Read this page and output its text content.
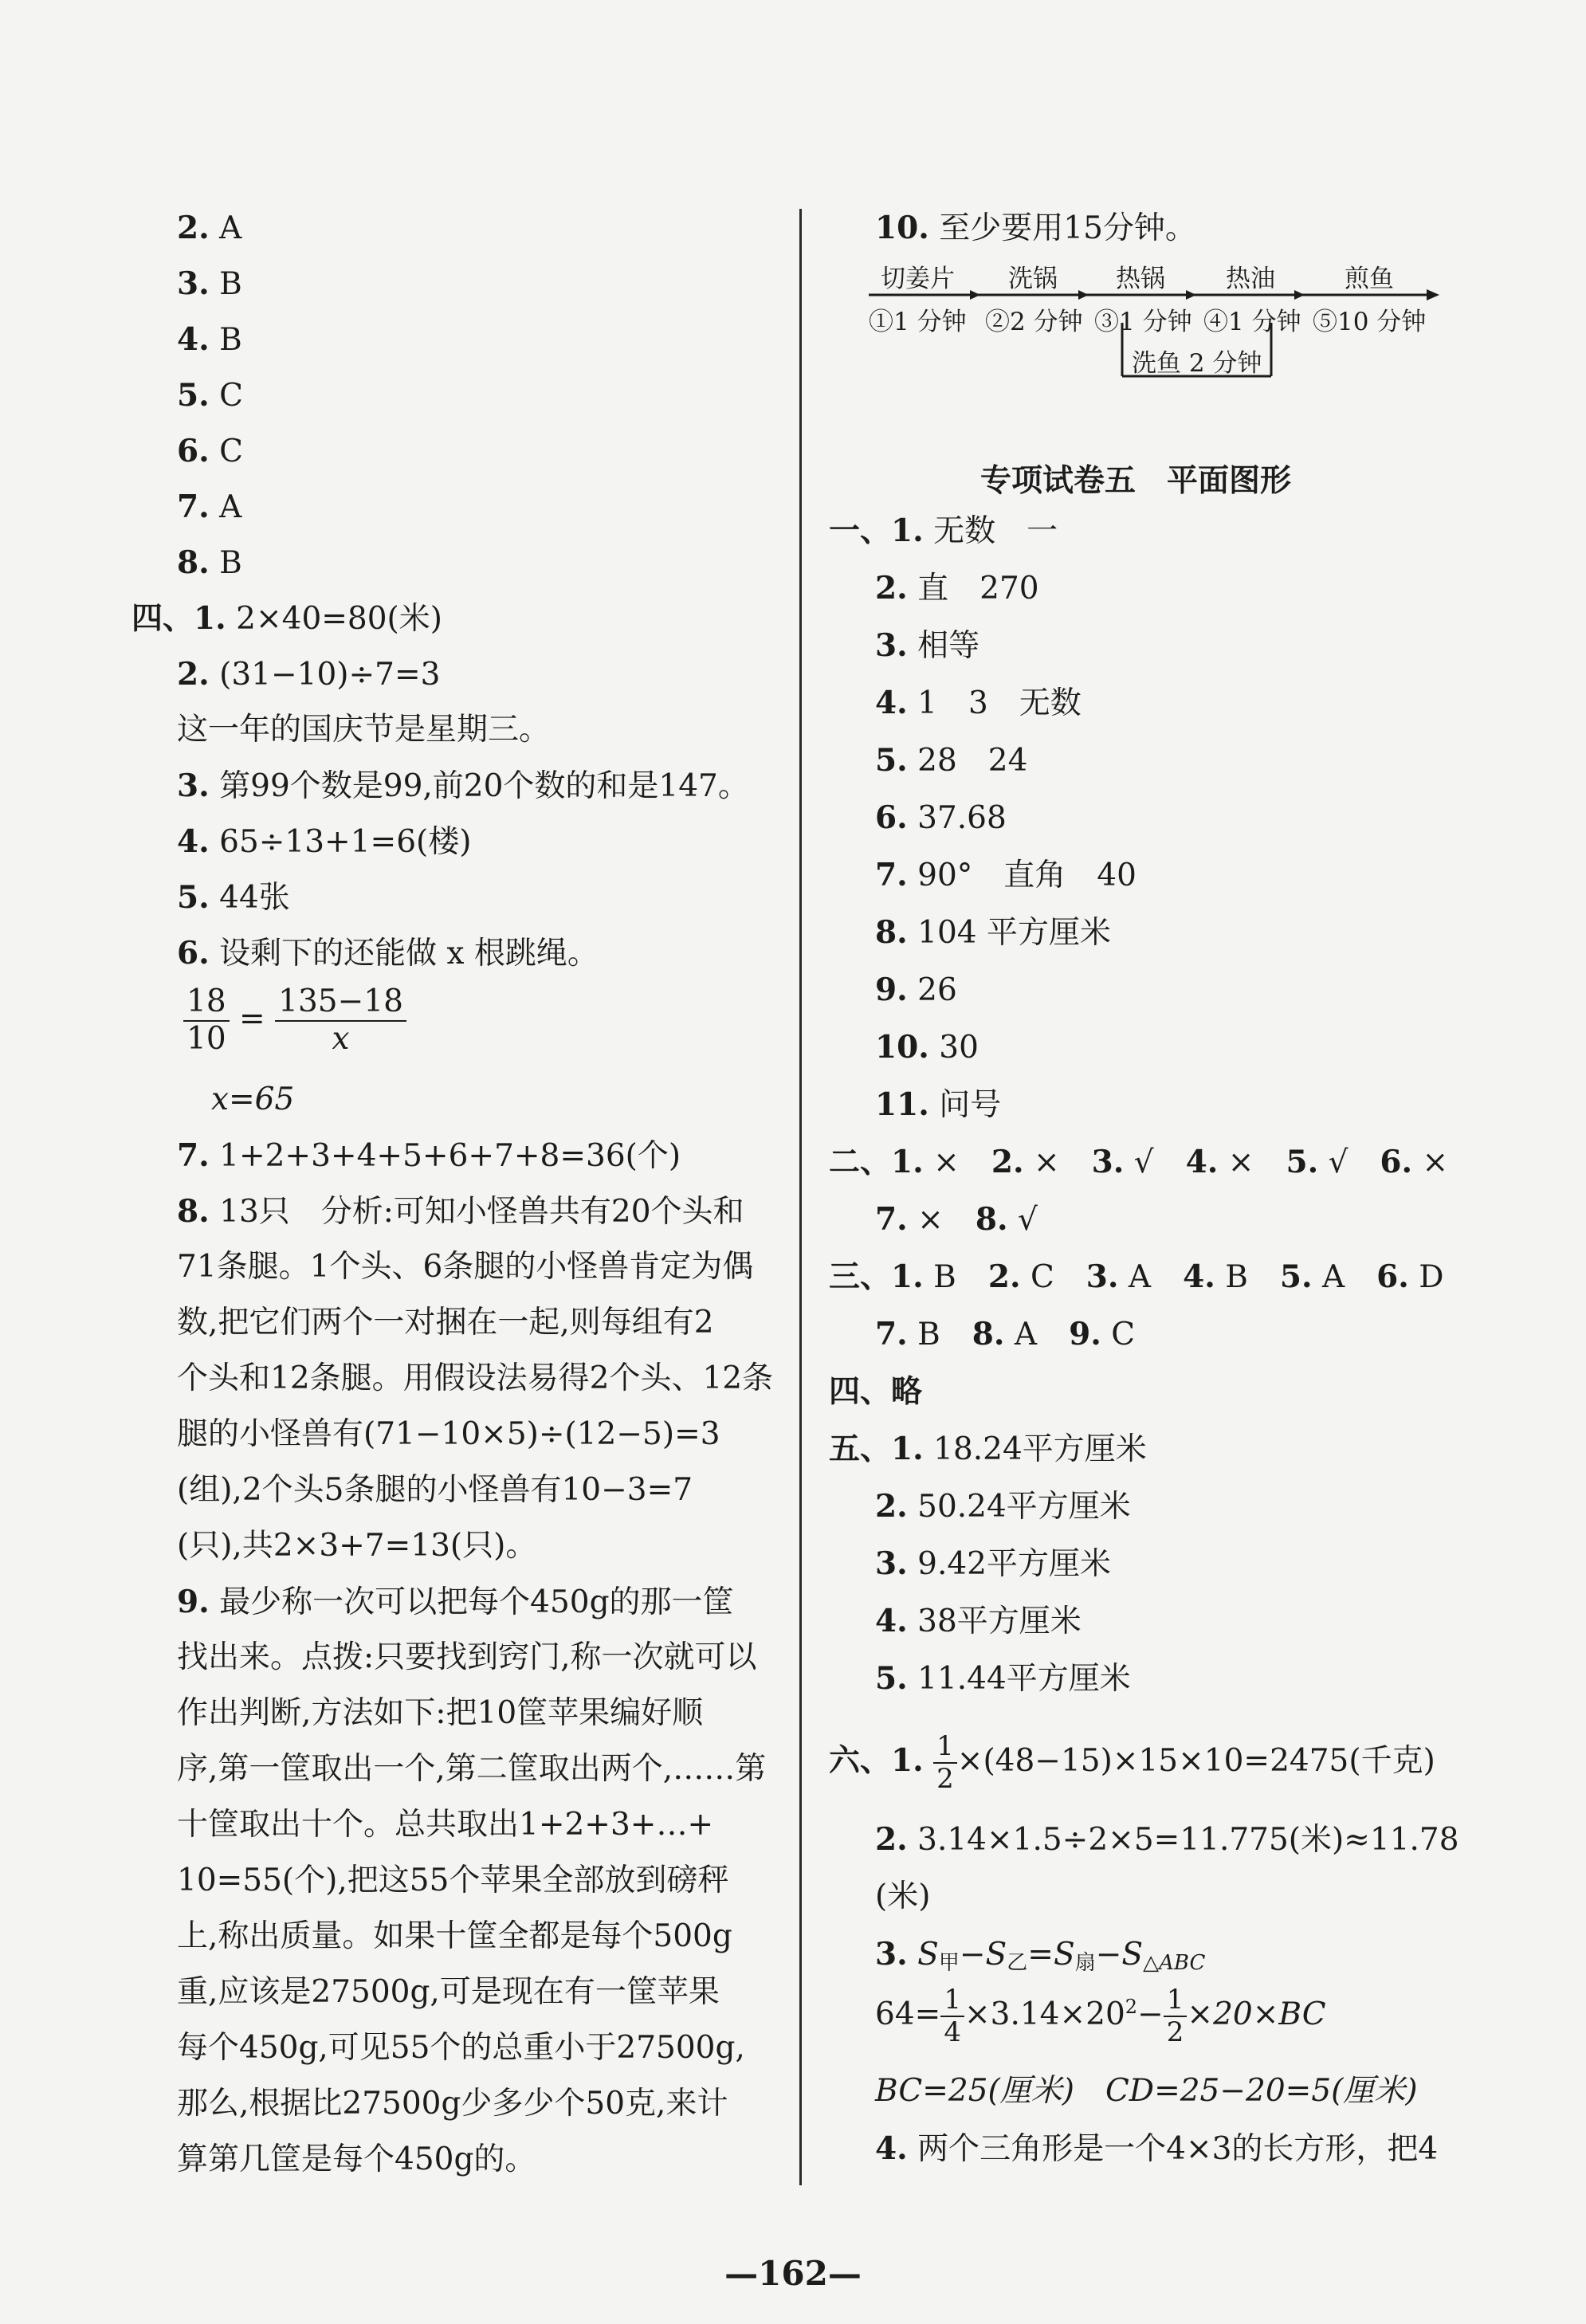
2. A
3. B
4. B
5. C
6. C
7. A
8. B
四、1. 2×40=80(米)
2. (31−10)÷7=3
这一年的国庆节是星期三。
3. 第99个数是99,前20个数的和是147。
4. 65÷13+1=6(楼)
5. 44张
6. 设剩下的还能做 x 根跳绳。
$\frac{18}{10} = \frac{135-18}{x}$
x=65
7. 1+2+3+4+5+6+7+8=36(个)
8. 13只　分析:可知小怪兽共有20个头和
71条腿。1个头、6条腿的小怪兽肯定为偶
数,把它们两个一对捆在一起,则每组有2
个头和12条腿。用假设法易得2个头、12条
腿的小怪兽有(71−10×5)÷(12−5)=3
(组),2个头5条腿的小怪兽有10−3=7
(只),共2×3+7=13(只)。
9. 最少称一次可以把每个450g的那一筐
找出来。点拨:只要找到窍门,称一次就可以
作出判断,方法如下:把10筐苹果编好顺
序,第一筐取出一个,第二筐取出两个,……第
十筐取出十个。总共取出1+2+3+…+
10=55(个),把这55个苹果全部放到磅秤
上,称出质量。如果十筐全都是每个500g
重,应该是27500g,可是现在有一筐苹果
每个450g,可见55个的总重小于27500g,
那么,根据比27500g少多少个50克,来计
算第几筐是每个450g的。
10. 至少要用15分钟。
切姜片 洗锅 热锅 热油	煎鱼
①1 分钟 ②2 分钟 ③1 分钟 ④1 分钟 ⑤10 分钟
洗鱼 2 分钟
专项试卷五　平面图形
一、1. 无数　一
2. 直　270
3. 相等
4. 1　3　无数
5. 28　24
6. 37.68
7. 90°　直角　40
8. 104 平方厘米
9. 26
10. 30
11. 问号
二、1. × 2. × 3. √ 4. × 5. √ 6. ×
7. × 8. √
三、1. B 2. C 3. A 4. B 5. A 6. D
7. B 8. A 9. C
四、略
五、1. 18.24平方厘米
2. 50.24平方厘米
3. 9.42平方厘米
4. 38平方厘米
5. 11.44平方厘米
六、1. $\frac{1}{2} \times(48-15)\times 15\times 10=2475$(千克)
2. 3.14×1.5÷2×5=11.775(米)≈11.78
(米)
3. $S_甲-S_乙=S_扇-S_{\triangle ABC}$
$64= \frac{1}{4} \times 3.14\times 20^2- \frac{1}{2} \times 20\times BC$
BC=25(厘米)　CD=25−20=5(厘米)
4. 两个三角形是一个4×3的长方形，把4
—162—
